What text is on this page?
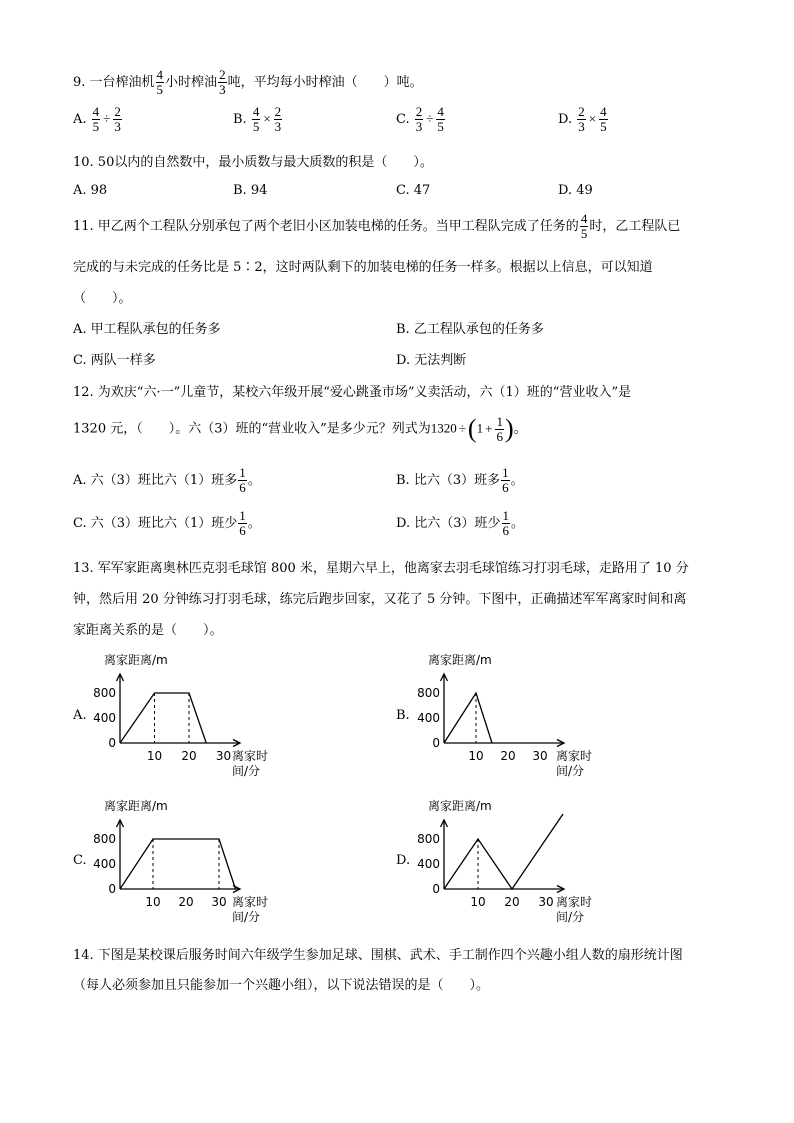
9. 一台榨油机 $\frac{4}{5}$ 小时榨油 $\frac{2}{3}$ 吨，平均每小时榨油（　　）吨。
A. $\frac{4}{5} \div \frac{2}{3}$	B. $\frac{4}{5} \times \frac{2}{3}$	C. $\frac{2}{3} \div \frac{4}{5}$	D. $\frac{2}{3} \times \frac{4}{5}$
10. 50以内的自然数中，最小质数与最大质数的积是（　　）。
A. 98	B. 94	C. 47	D. 49
11. 甲乙两个工程队分别承包了两个老旧小区加装电梯的任务。当甲工程队完成了任务的 $\frac{4}{5}$ 时，乙工程队已
完成的与未完成的任务比是 5∶2，这时两队剩下的加装电梯的任务一样多。根据以上信息，可以知道
（　　）。
A. 甲工程队承包的任务多	B. 乙工程队承包的任务多
C. 两队一样多	D. 无法判断
12. 为欢庆“六·一”儿童节，某校六年级开展“爱心跳蚤市场”义卖活动，六（1）班的“营业收入”是
1320 元，（　　）。六（3）班的“营业收入”是多少元？列式为$1320 \div(1 + \frac{1}{6}$ )。
A. 六（3）班比六（1）班多 $\frac{1}{6}$ 。	B. 比六（3）班多 $\frac{1}{6}$ 。
C. 六（3）班比六（1）班少 $\frac{1}{6}$ 。	D. 比六（3）班少 $\frac{1}{6}$ 。
13. 军军家距离奥林匹克羽毛球馆 800 米，星期六早上，他离家去羽毛球馆练习打羽毛球，走路用了 10 分
钟，然后用 20 分钟练习打羽毛球，练完后跑步回家，又花了 5 分钟。下图中，正确描述军军离家时间和离
家距离关系的是（　　）。
A.
离家距离/m
800
400
0
10 20 30 离家时
间/分
B.
离家距离/m
800
400
0
10 20 30 离家时
间/分
C.
离家距离/m
800
400
0
10 20 30 离家时
间/分
D.
离家距离/m
800
400
0
10 20 30 离家时
间/分
14. 下图是某校课后服务时间六年级学生参加足球、围棋、武术、手工制作四个兴趣小组人数的扇形统计图
（每人必须参加且只能参加一个兴趣小组），以下说法错误的是（　　）。
